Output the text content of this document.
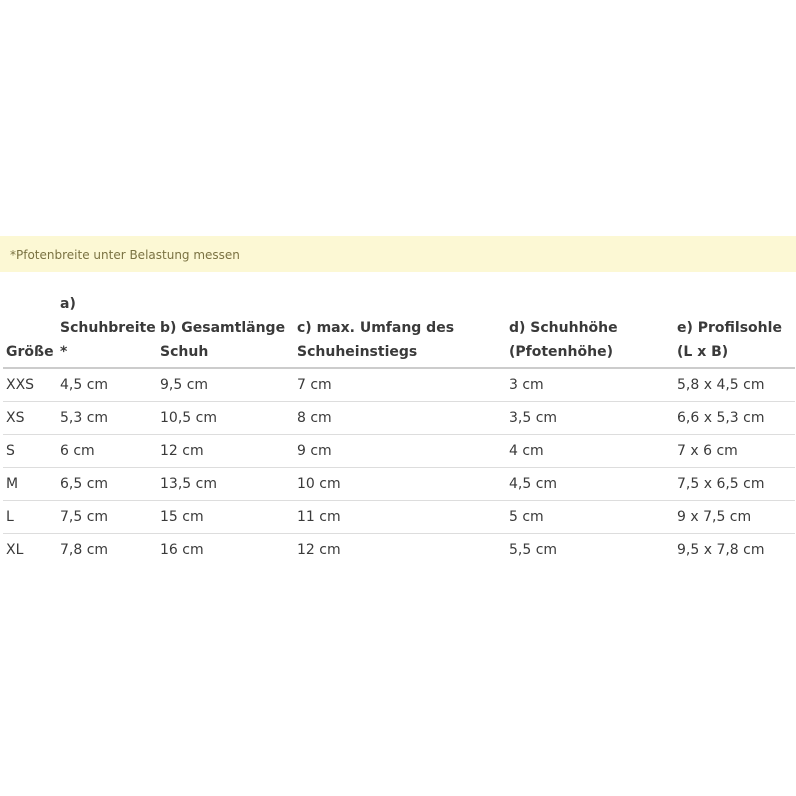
*Pfotenbreite unter Belastung messen
Größe	a) Schuhbreite *	b) Gesamtlänge Schuh	c) max. Umfang des Schuheinstiegs	d) Schuhhöhe (Pfotenhöhe)	e) Profilsohle (L x B)
XXS	4,5 cm	9,5 cm	7 cm	3 cm	5,8 x 4,5 cm
XS	5,3 cm	10,5 cm	8 cm	3,5 cm	6,6 x 5,3 cm
S	6 cm	12 cm	9 cm	4 cm	7 x 6 cm
M	6,5 cm	13,5 cm	10 cm	4,5 cm	7,5 x 6,5 cm
L	7,5 cm	15 cm	11 cm	5 cm	9 x 7,5 cm
XL	7,8 cm	16 cm	12 cm	5,5 cm	9,5 x 7,8 cm
